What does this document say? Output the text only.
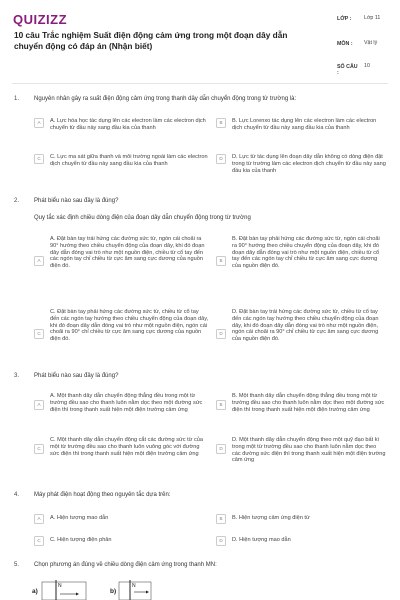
QUIZIZZ
10 câu Trắc nghiệm Suất điện động cảm ứng trong một đoạn dây dẫn chuyển động có đáp án (Nhận biết)
LỚP :	Lớp 11
MÔN :	Vật lý
SỐ CÂU :
10
1. Nguyên nhân gây ra suất điện động cảm ứng trong thanh dây dẫn chuyển động trong từ trường là:
A	A. Lực hóa học tác dụng lên các electron làm các electron dịch chuyển từ đầu này sang đầu kia của thanh
B	B. Lực Lorenxo tác dụng lên các electron làm các electron dịch chuyển từ đầu này sang đầu kia của thanh
C	C. Lực ma sát giữa thanh và môi trường ngoài làm các electron dịch chuyển từ đầu này sang đầu kia của thanh
D	D. Lực từ tác dụng lên đoạn dây dẫn không có dòng điện đặt trong từ trường làm các electron dịch chuyển từ đầu này sang đầu kia của thanh
2. Phát biểu nào sau đây là đúng?
Quy tắc xác định chiều dòng điện của đoạn dây dẫn chuyển động trong từ trường
A
A. Đặt bàn tay trái hứng các đường sức từ, ngón cái choãi ra 90° hướng theo chiều chuyển động của đoạn dây, khi đó đoạn dây dẫn đóng vai trò như một nguồn điện, chiều từ cổ tay đến các ngón tay chỉ chiều từ cực âm sang cực dương của nguồn điện đó.
B
B. Đặt bàn tay phải hứng các đường sức từ, ngón cái choãi ra 90° hướng theo chiều chuyển động của đoạn dây, khi đó đoạn dây dẫn đóng vai trò như một nguồn điện, chiều từ cổ tay đến các ngón tay chỉ chiều từ cực âm sang cực dương của nguồn điện đó.
C
C. Đặt bàn tay phải hứng các đường sức từ, chiều từ cổ tay đến các ngón tay hướng theo chiều chuyển động của đoạn dây, khi đó đoạn dây dẫn đóng vai trò như một nguồn điện, ngón cái choãi ra 90° chỉ chiều từ cực âm sang cực dương của nguồn điện đó.
D
D. Đặt bàn tay trái hứng các đường sức từ, chiều từ cổ tay đến các ngón tay hướng theo chiều chuyển động của đoạn dây, khi đó đoạn dây dẫn đóng vai trò như một nguồn điện, ngón cái choãi ra 90° chỉ chiều từ cực âm sang cực dương của nguồn điện đó.
3. Phát biểu nào sau đây là đúng?
A
A. Một thanh dây dẫn chuyển động thẳng đều trong một từ trường đều sao cho thanh luôn nằm dọc theo một đường sức điện thì trong thanh xuất hiện một điện trường cảm ứng
B
B. Một thanh dây dẫn chuyển động thẳng đều trong một từ trường đều sao cho thanh luôn nằm dọc theo một đường sức điện thì trong thanh xuất hiện một điện trường cảm ứng
C
C. Một thanh dây dẫn chuyển động cắt các đường sức từ của một từ trường đều sao cho thanh luôn vuông góc với đường sức điện thì trong thanh xuất hiện một điện trường cảm ứng
D
D. Một thanh dây dẫn chuyển động theo một quỹ đạo bất kì trong một từ trường đều sao cho thanh luôn nằm dọc theo các đường sức điện thì trong thanh xuất hiện một điện trường cảm ứng
4. Máy phát điện hoạt động theo nguyên tắc dựa trên:
A	A. Hiện tượng mao dẫn	B	B. Hiện tượng cảm ứng điện từ
C	C. Hiện tượng điện phân	D	D. Hiện tượng mao dẫn
5. Chọn phương án đúng về chiều dòng điện cảm ứng trong thanh MN:
a)
N
b)
N
